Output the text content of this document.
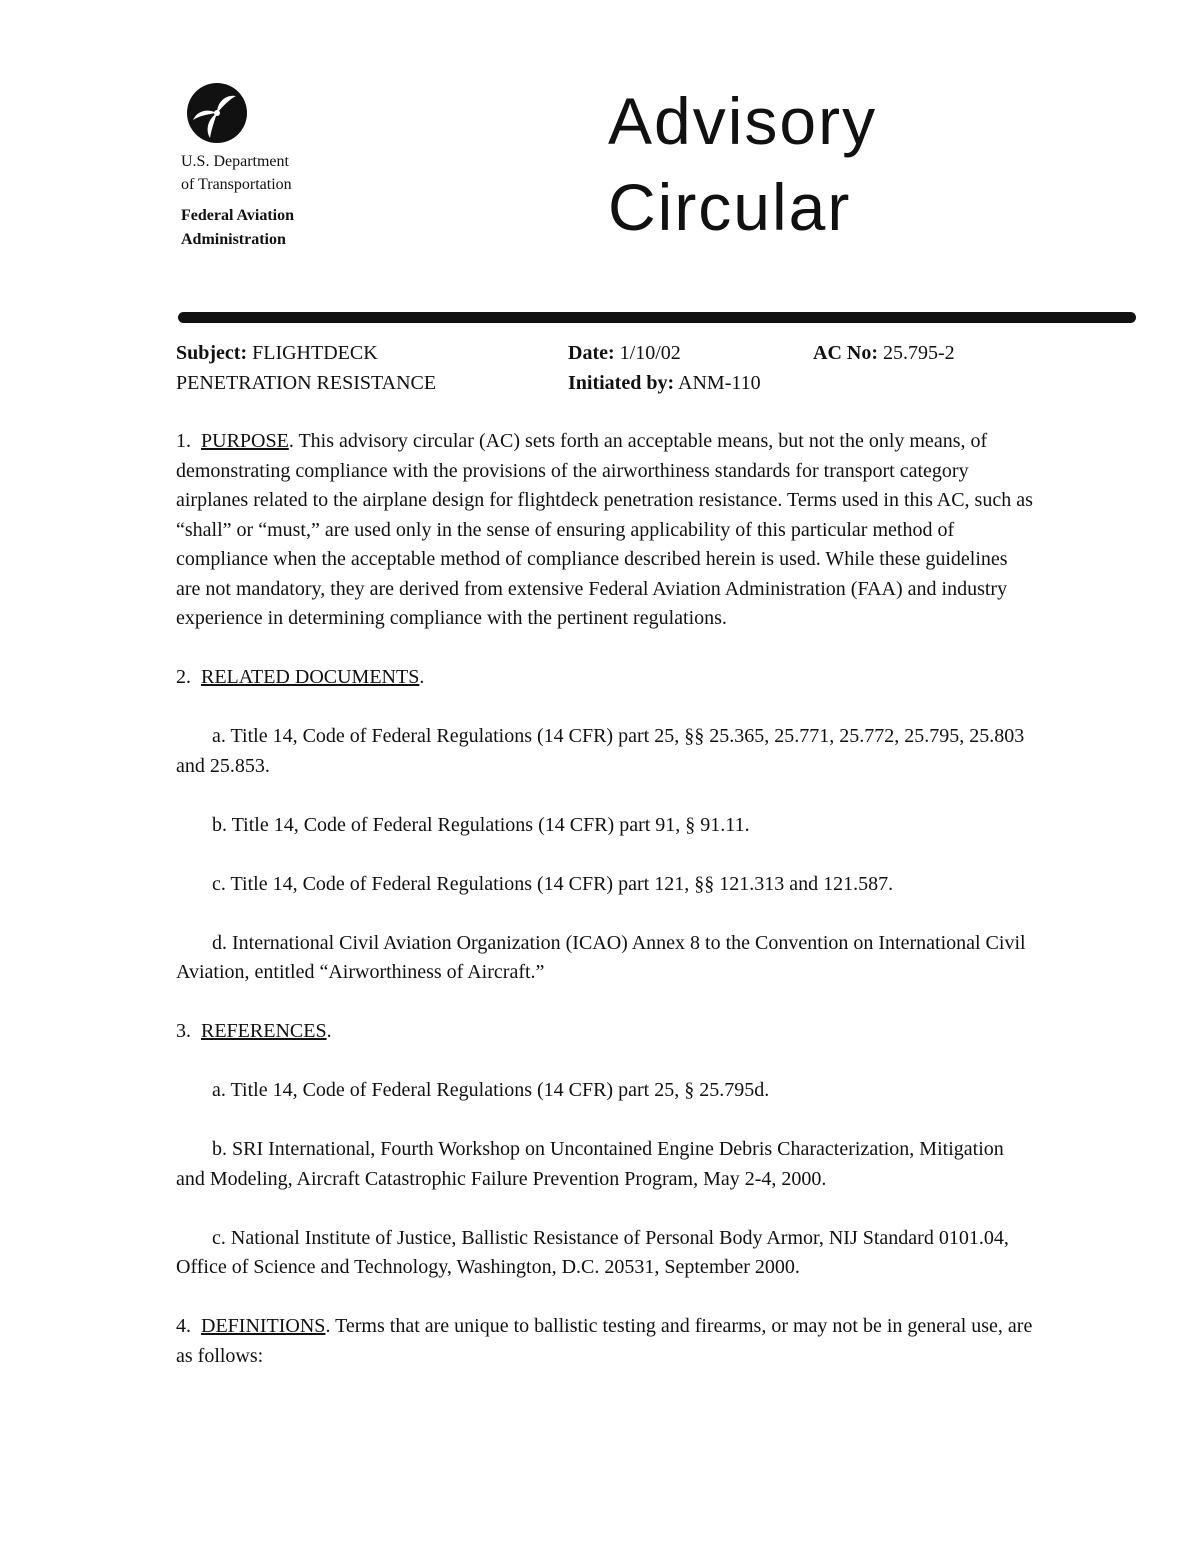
U.S. Department
of Transportation
Federal Aviation
Administration
Advisory
Circular
Subject: FLIGHTDECK
PENETRATION RESISTANCE
Date: 1/10/02
Initiated by: ANM-110
AC No: 25.795-2

1. PURPOSE. This advisory circular (AC) sets forth an acceptable means, but not the only means, of demonstrating compliance with the provisions of the airworthiness standards for transport category airplanes related to the airplane design for flightdeck penetration resistance. Terms used in this AC, such as “shall” or “must,” are used only in the sense of ensuring applicability of this particular method of compliance when the acceptable method of compliance described herein is used. While these guidelines are not mandatory, they are derived from extensive Federal Aviation Administration (FAA) and industry experience in determining compliance with the pertinent regulations.

2. RELATED DOCUMENTS.

a. Title 14, Code of Federal Regulations (14 CFR) part 25, §§ 25.365, 25.771, 25.772, 25.795, 25.803 and 25.853.

b. Title 14, Code of Federal Regulations (14 CFR) part 91, § 91.11.

c. Title 14, Code of Federal Regulations (14 CFR) part 121, §§ 121.313 and 121.587.

d. International Civil Aviation Organization (ICAO) Annex 8 to the Convention on International Civil Aviation, entitled “Airworthiness of Aircraft.”

3. REFERENCES.

a. Title 14, Code of Federal Regulations (14 CFR) part 25, § 25.795d.

b. SRI International, Fourth Workshop on Uncontained Engine Debris Characterization, Mitigation and Modeling, Aircraft Catastrophic Failure Prevention Program, May 2-4, 2000.

c. National Institute of Justice, Ballistic Resistance of Personal Body Armor, NIJ Standard 0101.04, Office of Science and Technology, Washington, D.C. 20531, September 2000.

4. DEFINITIONS. Terms that are unique to ballistic testing and firearms, or may not be in general use, are as follows:
